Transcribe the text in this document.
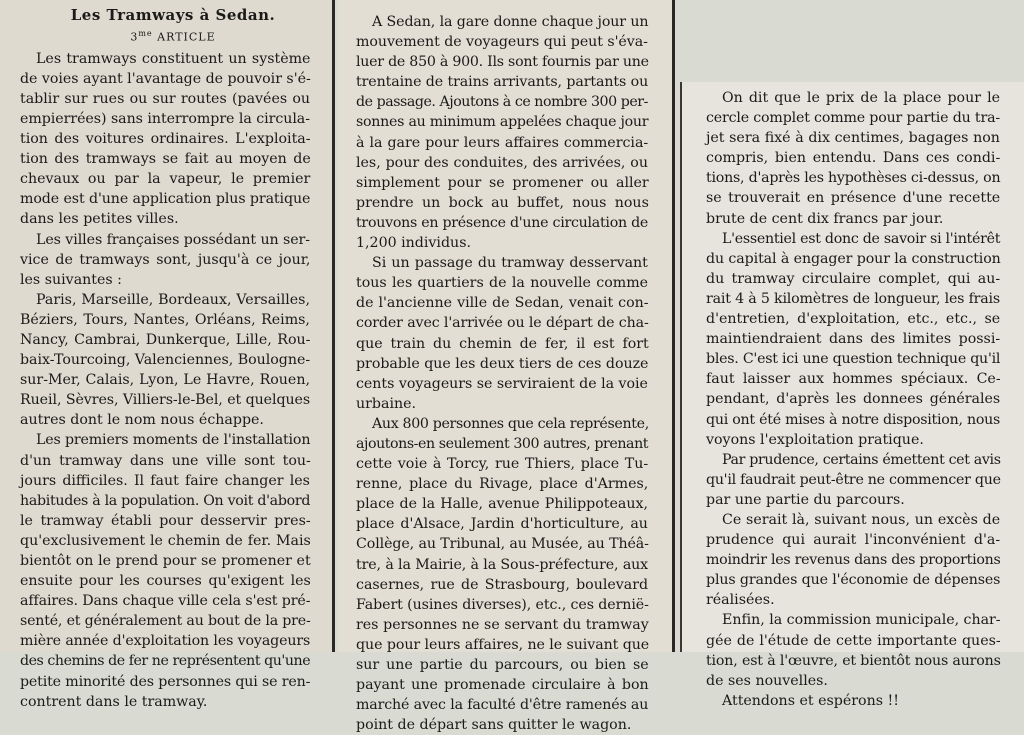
Les Tramways à Sedan.
$3^{me}$ ARTICLE

Les tramways constituent un système
de voies ayant l'avantage de pouvoir s'é-
tablir sur rues ou sur routes (pavées ou
empierrées) sans interrompre la circula-
tion des voitures ordinaires. L'exploita-
tion des tramways se fait au moyen de
chevaux ou par la vapeur, le premier
mode est d'une application plus pratique
dans les petites villes.

Les villes françaises possédant un ser-
vice de tramways sont, jusqu'à ce jour,
les suivantes :

Paris, Marseille, Bordeaux, Versailles,
Béziers, Tours, Nantes, Orléans, Reims,
Nancy, Cambrai, Dunkerque, Lille, Rou-
baix-Tourcoing, Valenciennes, Boulogne-
sur-Mer, Calais, Lyon, Le Havre, Rouen,
Rueil, Sèvres, Villiers-le-Bel, et quelques
autres dont le nom nous échappe.

Les premiers moments de l'installation
d'un tramway dans une ville sont tou-
jours difficiles. Il faut faire changer les
habitudes à la population. On voit d'abord
le tramway établi pour desservir pres-
qu'exclusivement le chemin de fer. Mais
bientôt on le prend pour se promener et
ensuite pour les courses qu'exigent les
affaires. Dans chaque ville cela s'est pré-
senté, et généralement au bout de la pre-
mière année d'exploitation les voyageurs
des chemins de fer ne représentent qu'une
petite minorité des personnes qui se ren-
contrent dans le tramway.

A Sedan, la gare donne chaque jour un
mouvement de voyageurs qui peut s'éva-
luer de 850 à 900. Ils sont fournis par une
trentaine de trains arrivants, partants ou
de passage. Ajoutons à ce nombre 300 per-
sonnes au minimum appelées chaque jour
à la gare pour leurs affaires commercia-
les, pour des conduites, des arrivées, ou
simplement pour se promener ou aller
prendre un bock au buffet, nous nous
trouvons en présence d'une circulation de
1,200 individus.

Si un passage du tramway desservant
tous les quartiers de la nouvelle comme
de l'ancienne ville de Sedan, venait con-
corder avec l'arrivée ou le départ de cha-
que train du chemin de fer, il est fort
probable que les deux tiers de ces douze
cents voyageurs se serviraient de la voie
urbaine.

Aux 800 personnes que cela représente,
ajoutons-en seulement 300 autres, prenant
cette voie à Torcy, rue Thiers, place Tu-
renne, place du Rivage, place d'Armes,
place de la Halle, avenue Philippoteaux,
place d'Alsace, Jardin d'horticulture, au
Collège, au Tribunal, au Musée, au Théâ-
tre, à la Mairie, à la Sous-préfecture, aux
casernes, rue de Strasbourg, boulevard
Fabert (usines diverses), etc., ces dernië-
res personnes ne se servant du tramway
que pour leurs affaires, ne le suivant que
sur une partie du parcours, ou bien se
payant une promenade circulaire à bon
marché avec la faculté d'être ramenés au
point de départ sans quitter le wagon.

On dit que le prix de la place pour le
cercle complet comme pour partie du tra-
jet sera fixé à dix centimes, bagages non
compris, bien entendu. Dans ces condi-
tions, d'après les hypothèses ci-dessus, on
se trouverait en présence d'une recette
brute de cent dix francs par jour.

L'essentiel est donc de savoir si l'intérêt
du capital à engager pour la construction
du tramway circulaire complet, qui au-
rait 4 à 5 kilomètres de longueur, les frais
d'entretien, d'exploitation, etc., etc., se
maintiendraient dans des limites possi-
bles. C'est ici une question technique qu'il
faut laisser aux hommes spéciaux. Ce-
pendant, d'après les donnees générales
qui ont été mises à notre disposition, nous
voyons l'exploitation pratique.

Par prudence, certains émettent cet avis
qu'il faudrait peut-être ne commencer que
par une partie du parcours.

Ce serait là, suivant nous, un excès de
prudence qui aurait l'inconvénient d'a-
moindrir les revenus dans des proportions
plus grandes que l'économie de dépenses
réalisées.

Enfin, la commission municipale, char-
gée de l'étude de cette importante ques-
tion, est à l'œuvre, et bientôt nous aurons
de ses nouvelles.

Attendons et espérons !!
